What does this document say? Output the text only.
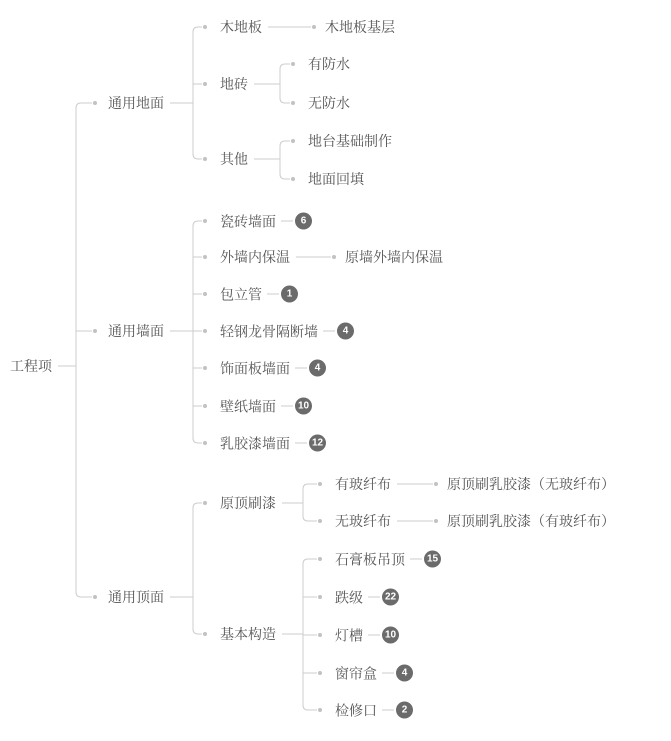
工程项
通用地面
通用墙面
通用顶面
木地板	木地板基层
地砖
有防水
无防水
其他
地台基础制作
地面回填
瓷砖墙面	6
外墙内保温	原墙外墙内保温
包立管	1
轻钢龙骨隔断墙	4
饰面板墙面	4
壁纸墙面	10
乳胶漆墙面	12
原顶刷漆
有玻纤布	原顶刷乳胶漆（无玻纤布）
无玻纤布	原顶刷乳胶漆（有玻纤布）
基本构造
石膏板吊顶	15
跌级	22
灯槽	10
窗帘盒	4
检修口	2
